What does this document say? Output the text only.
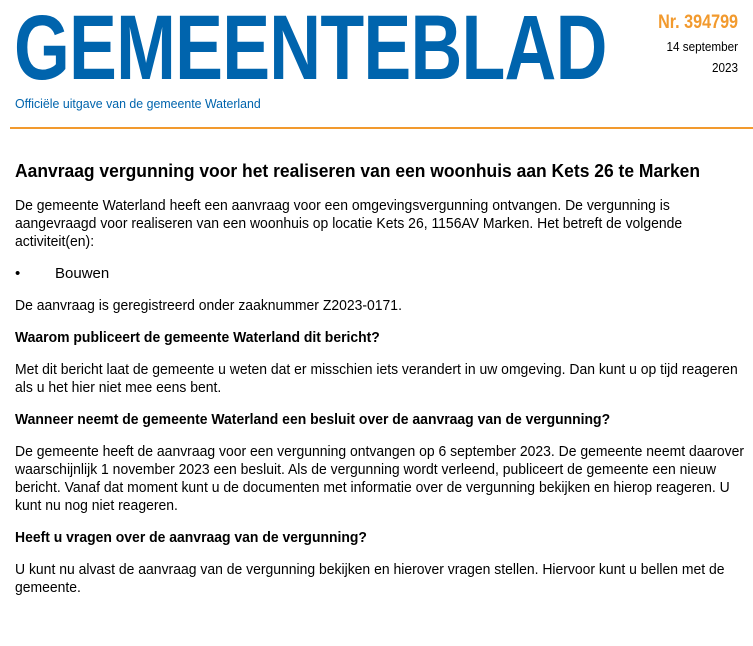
GEMEENTEBLAD
Officiële uitgave van de gemeente Waterland
Nr. 394799
14 september
2023
Aanvraag vergunning voor het realiseren van een woonhuis aan Kets 26 te Marken

De gemeente Waterland heeft een aanvraag voor een omgevingsvergunning ontvangen. De vergunning is aangevraagd voor realiseren van een woonhuis op locatie Kets 26, 1156AV Marken. Het betreft de volgende activiteit(en):

•	Bouwen

De aanvraag is geregistreerd onder zaaknummer Z2023-0171.

Waarom publiceert de gemeente Waterland dit bericht?

Met dit bericht laat de gemeente u weten dat er misschien iets verandert in uw omgeving. Dan kunt u op tijd reageren als u het hier niet mee eens bent.

Wanneer neemt de gemeente Waterland een besluit over de aanvraag van de vergunning?

De gemeente heeft de aanvraag voor een vergunning ontvangen op 6 september 2023. De gemeente neemt daarover waarschijnlijk 1 november 2023 een besluit. Als de vergunning wordt verleend, publiceert de gemeente een nieuw bericht. Vanaf dat moment kunt u de documenten met informatie over de vergunning bekijken en hierop reageren. U kunt nu nog niet reageren.

Heeft u vragen over de aanvraag van de vergunning?

U kunt nu alvast de aanvraag van de vergunning bekijken en hierover vragen stellen. Hiervoor kunt u bellen met de gemeente.
